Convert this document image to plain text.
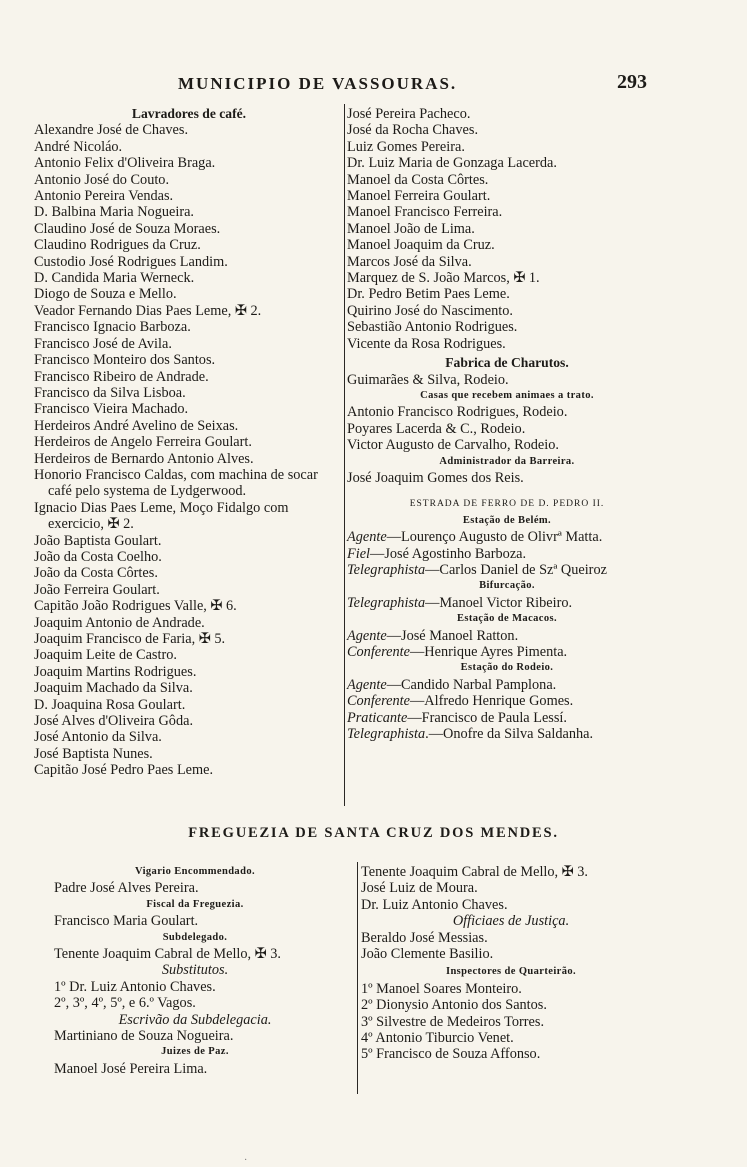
MUNICIPIO DE VASSOURAS.	293
Lavradores de café.
Alexandre José de Chaves.
André Nicoláo.
Antonio Felix d'Oliveira Braga.
Antonio José do Couto.
Antonio Pereira Vendas.
D. Balbina Maria Nogueira.
Claudino José de Souza Moraes.
Claudino Rodrigues da Cruz.
Custodio José Rodrigues Landim.
D. Candida Maria Werneck.
Diogo de Souza e Mello.
Veador Fernando Dias Paes Leme, ✠ 2.
Francisco Ignacio Barboza.
Francisco José de Avila.
Francisco Monteiro dos Santos.
Francisco Ribeiro de Andrade.
Francisco da Silva Lisboa.
Francisco Vieira Machado.
Herdeiros André Avelino de Seixas.
Herdeiros de Angelo Ferreira Goulart.
Herdeiros de Bernardo Antonio Alves.
Honorio Francisco Caldas, com machina de socar café pelo systema de Lydgerwood.
Ignacio Dias Paes Leme, Moço Fidalgo com exercicio, ✠ 2.
João Baptista Goulart.
João da Costa Coelho.
João da Costa Côrtes.
João Ferreira Goulart.
Capitão João Rodrigues Valle, ✠ 6.
Joaquim Antonio de Andrade.
Joaquim Francisco de Faria, ✠ 5.
Joaquim Leite de Castro.
Joaquim Martins Rodrigues.
Joaquim Machado da Silva.
D. Joaquina Rosa Goulart.
José Alves d'Oliveira Gôda.
José Antonio da Silva.
José Baptista Nunes.
Capitão José Pedro Paes Leme.
José Pereira Pacheco.
José da Rocha Chaves.
Luiz Gomes Pereira.
Dr. Luiz Maria de Gonzaga Lacerda.
Manoel da Costa Côrtes.
Manoel Ferreira Goulart.
Manoel Francisco Ferreira.
Manoel João de Lima.
Manoel Joaquim da Cruz.
Marcos José da Silva.
Marquez de S. João Marcos, ✠ 1.
Dr. Pedro Betim Paes Leme.
Quirino José do Nascimento.
Sebastião Antonio Rodrigues.
Vicente da Rosa Rodrigues.
Fabrica de Charutos.
Guimarães & Silva, Rodeio.
Casas que recebem animaes a trato.
Antonio Francisco Rodrigues, Rodeio.
Poyares Lacerda & C., Rodeio.
Victor Augusto de Carvalho, Rodeio.
Administrador da Barreira.
José Joaquim Gomes dos Reis.
ESTRADA DE FERRO DE D. PEDRO II.
Estação de Belém.
Agente—Lourenço Augusto de Olivrª Matta.
Fiel—José Agostinho Barboza.
Telegraphista—Carlos Daniel de Szª Queiroz
Bifurcação.
Telegraphista—Manoel Victor Ribeiro.
Estação de Macacos.
Agente—José Manoel Ratton.
Conferente—Henrique Ayres Pimenta.
Estação do Rodeio.
Agente—Candido Narbal Pamplona.
Conferente—Alfredo Henrique Gomes.
Praticante—Francisco de Paula Lessí.
Telegraphista.—Onofre da Silva Saldanha.
FREGUEZIA DE SANTA CRUZ DOS MENDES.
Vigario Encommendado.
Padre José Alves Pereira.
Fiscal da Freguezia.
Francisco Maria Goulart.
Subdelegado.
Tenente Joaquim Cabral de Mello, ✠ 3.
Substitutos.
1º Dr. Luiz Antonio Chaves.
2º, 3º, 4º, 5º, e 6.º Vagos.
Escrivão da Subdelegacia.
Martiniano de Souza Nogueira.
Juizes de Paz.
Manoel José Pereira Lima.
Tenente Joaquim Cabral de Mello, ✠ 3.
José Luiz de Moura.
Dr. Luiz Antonio Chaves.
Officiaes de Justiça.
Beraldo José Messias.
João Clemente Basilio.
Inspectores de Quarteirão.
1º Manoel Soares Monteiro.
2º Dionysio Antonio dos Santos.
3º Silvestre de Medeiros Torres.
4º Antonio Tiburcio Venet.
5º Francisco de Souza Affonso.
·
